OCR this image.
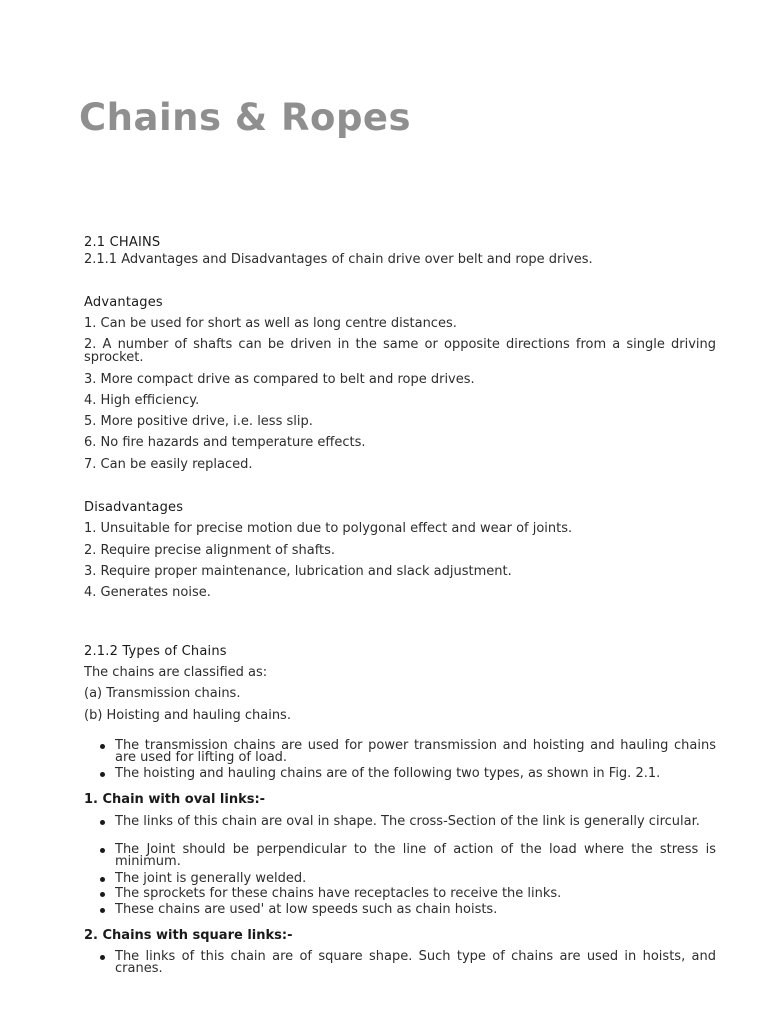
Chains & Ropes
2.1 CHAINS
2.1.1 Advantages and Disadvantages of chain drive over belt and rope drives.
Advantages
1. Can be used for short as well as long centre distances.
2. A number of shafts can be driven in the same or opposite directions from a single driving sprocket.
3. More compact drive as compared to belt and rope drives.
4. High efficiency.
5. More positive drive, i.e. less slip.
6. No fire hazards and temperature effects.
7. Can be easily replaced.
Disadvantages
1. Unsuitable for precise motion due to polygonal effect and wear of joints.
2. Require precise alignment of shafts.
3. Require proper maintenance, lubrication and slack adjustment.
4. Generates noise.
2.1.2 Types of Chains
The chains are classified as:
(a) Transmission chains.
(b) Hoisting and hauling chains.
The transmission chains are used for power transmission and hoisting and hauling chains are used for lifting of load.
The hoisting and hauling chains are of the following two types, as shown in Fig. 2.1.
1. Chain with oval links:-
The links of this chain are oval in shape. The cross-Section of the link is generally circular.
The Joint should be perpendicular to the line of action of the load where the stress is minimum.
The joint is generally welded.
The sprockets for these chains have receptacles to receive the links.
These chains are used' at low speeds such as chain hoists.
2. Chains with square links:-
The links of this chain are of square shape. Such type of chains are used in hoists, and cranes.
